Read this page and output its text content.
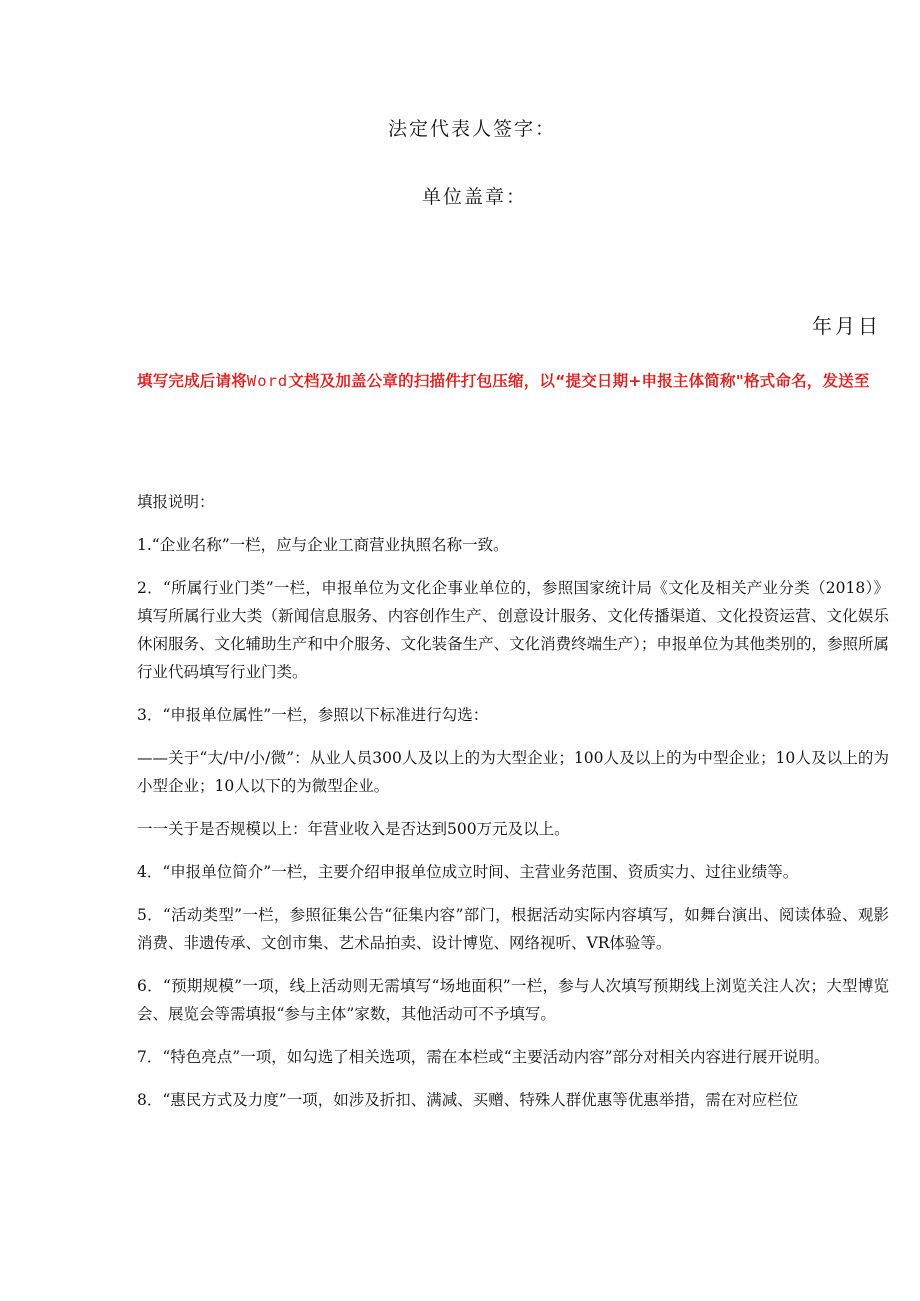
法定代表人签字：
单位盖章：
年月日
填写完成后请将Word文档及加盖公章的扫描件打包压缩，以“提交日期+申报主体简称"格式命名，发送至

填报说明：

1.“企业名称”一栏，应与企业工商营业执照名称一致。

2．“所属行业门类”一栏，申报单位为文化企事业单位的，参照国家统计局《文化及相关产业分类（2018）》填写所属行业大类（新闻信息服务、内容创作生产、创意设计服务、文化传播渠道、文化投资运营、文化娱乐休闲服务、文化辅助生产和中介服务、文化装备生产、文化消费终端生产）；申报单位为其他类别的，参照所属行业代码填写行业门类。

3．“申报单位属性”一栏，参照以下标准进行勾选：

——关于“大/中/小/微”：从业人员300人及以上的为大型企业；100人及以上的为中型企业；10人及以上的为小型企业；10人以下的为微型企业。

一一关于是否规模以上：年营业收入是否达到500万元及以上。

4．“申报单位简介”一栏，主要介绍申报单位成立时间、主营业务范围、资质实力、过往业绩等。

5．“活动类型”一栏，参照征集公告“征集内容”部门，根据活动实际内容填写，如舞台演出、阅读体验、观影消费、非遗传承、文创市集、艺术品拍卖、设计博览、网络视听、VR体验等。

6．“预期规模”一项，线上活动则无需填写“场地面积”一栏，参与人次填写预期线上浏览关注人次；大型博览会、展览会等需填报“参与主体”家数，其他活动可不予填写。

7．“特色亮点”一项，如勾选了相关选项，需在本栏或“主要活动内容”部分对相关内容进行展开说明。

8．“惠民方式及力度”一项，如涉及折扣、满减、买赠、特殊人群优惠等优惠举措，需在对应栏位
